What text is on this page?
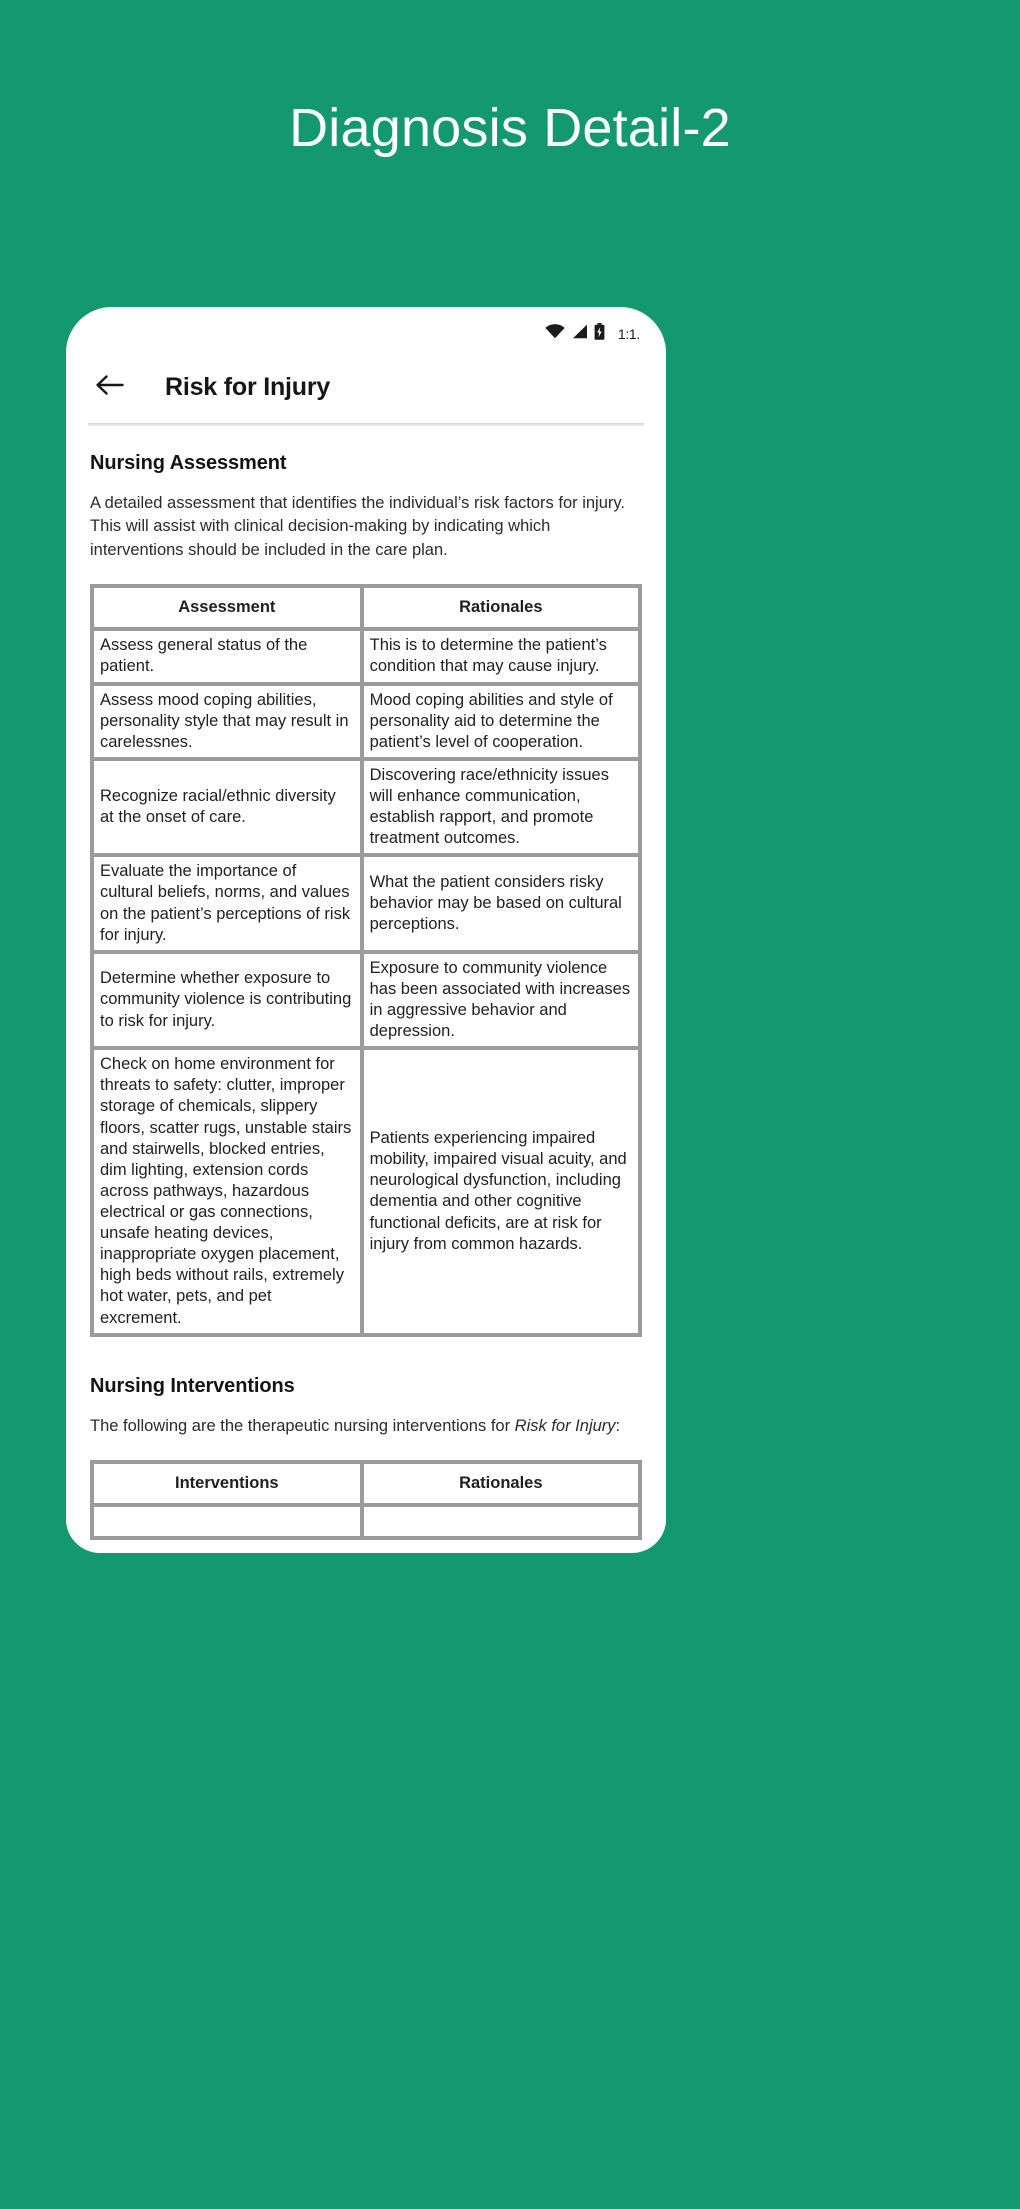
Diagnosis Detail-2
1:1.
Risk for Injury
Nursing Assessment
A detailed assessment that identifies the individual’s risk factors for injury. This will assist with clinical decision-making by indicating which interventions should be included in the care plan.
Assessment	Rationales
Assess general status of the patient.	This is to determine the patient’s condition that may cause injury.
Assess mood coping abilities, personality style that may result in carelessnes.	Mood coping abilities and style of personality aid to determine the patient’s level of cooperation.
Recognize racial/ethnic diversity at the onset of care.	Discovering race/ethnicity issues will enhance communication, establish rapport, and promote treatment outcomes.
Evaluate the importance of cultural beliefs, norms, and values on the patient’s perceptions of risk for injury.	What the patient considers risky behavior may be based on cultural perceptions.
Determine whether exposure to community violence is contributing to risk for injury.	Exposure to community violence has been associated with increases in aggressive behavior and depression.
Check on home environment for threats to safety: clutter, improper storage of chemicals, slippery floors, scatter rugs, unstable stairs and stairwells, blocked entries, dim lighting, extension cords across pathways, hazardous electrical or gas connections, unsafe heating devices, inappropriate oxygen placement, high beds without rails, extremely hot water, pets, and pet excrement.	Patients experiencing impaired mobility, impaired visual acuity, and neurological dysfunction, including dementia and other cognitive functional deficits, are at risk for injury from common hazards.
Nursing Interventions
The following are the therapeutic nursing interventions for Risk for Injury:
Interventions	Rationales
